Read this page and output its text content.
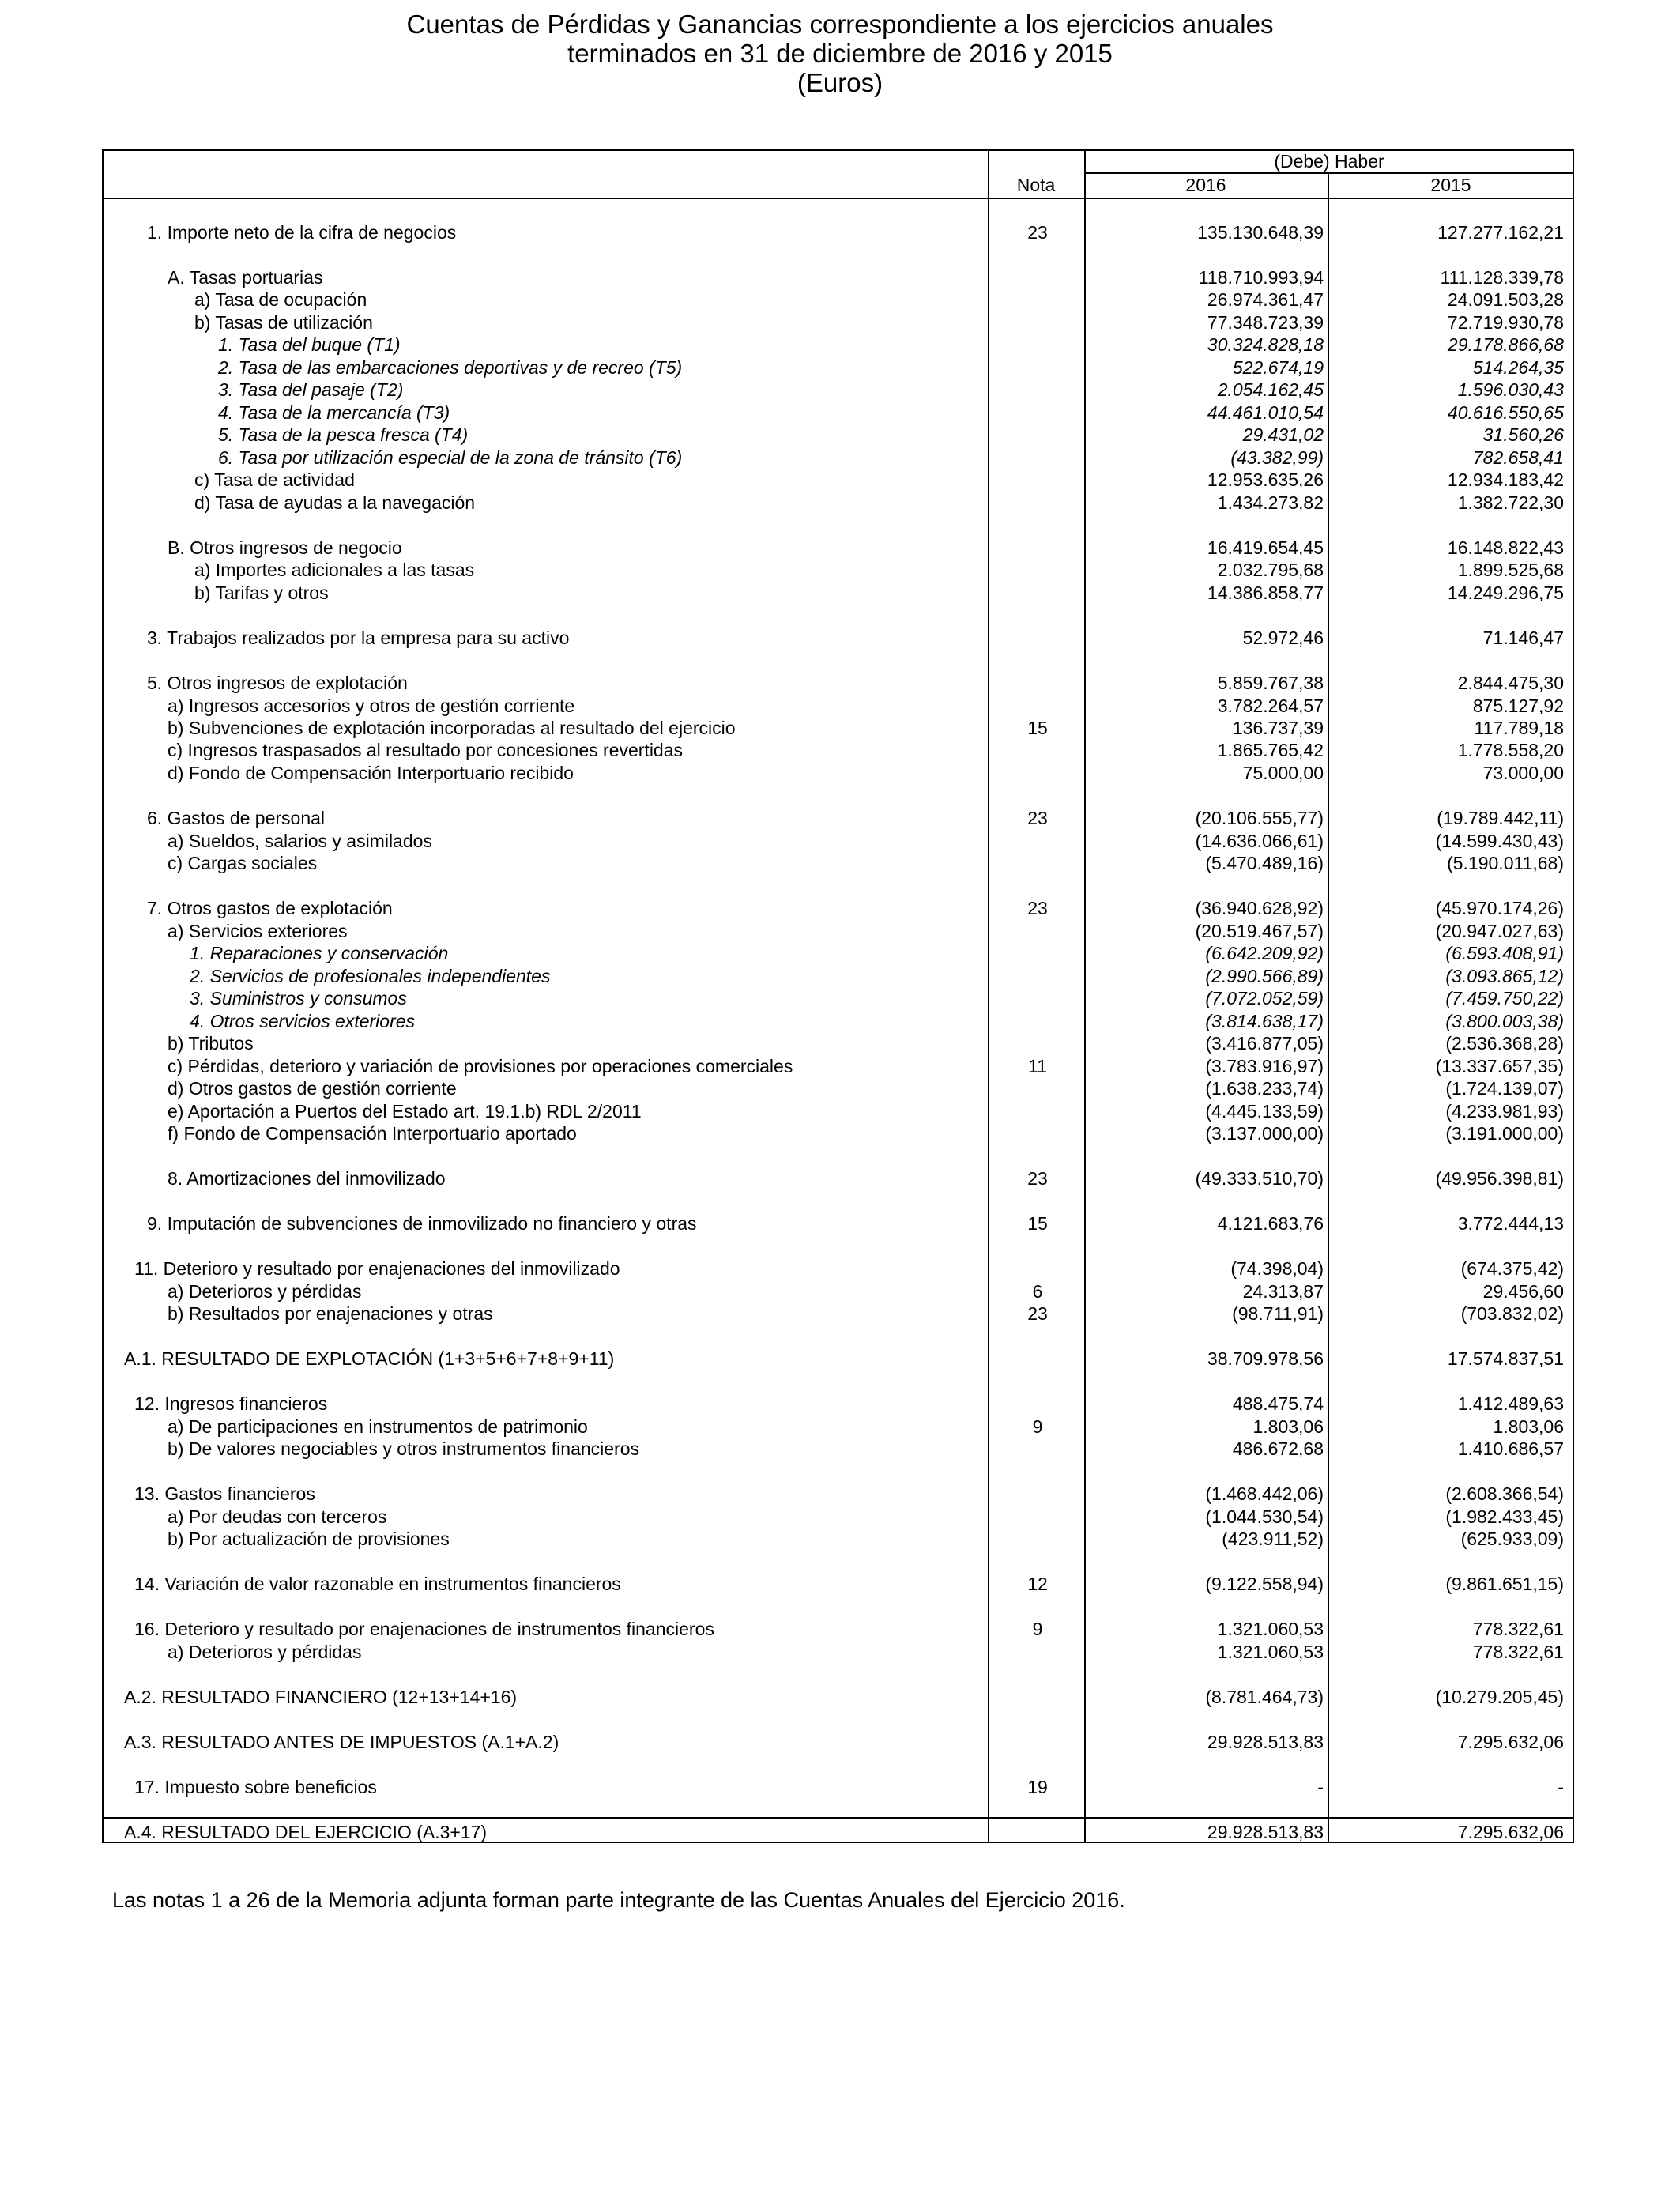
Cuentas de Pérdidas y Ganancias correspondiente a los ejercicios anuales
terminados en 31 de diciembre de 2016 y 2015
(Euros)
(Debe) Haber
Nota	2016	2015
1. Importe neto de la cifra de negocios	23	135.130.648,39	127.277.162,21
A. Tasas portuarias	118.710.993,94	111.128.339,78
a) Tasa de ocupación	26.974.361,47	24.091.503,28
b) Tasas de utilización	77.348.723,39	72.719.930,78
1. Tasa del buque (T1)	30.324.828,18	29.178.866,68
2. Tasa de las embarcaciones deportivas y de recreo (T5)	522.674,19	514.264,35
3. Tasa del pasaje (T2)	2.054.162,45	1.596.030,43
4. Tasa de la mercancía (T3)	44.461.010,54	40.616.550,65
5. Tasa de la pesca fresca (T4)	29.431,02	31.560,26
6. Tasa por utilización especial de la zona de tránsito (T6)	(43.382,99)	782.658,41
c) Tasa de actividad	12.953.635,26	12.934.183,42
d) Tasa de ayudas a la navegación	1.434.273,82	1.382.722,30
B. Otros ingresos de negocio	16.419.654,45	16.148.822,43
a) Importes adicionales a las tasas	2.032.795,68	1.899.525,68
b) Tarifas y otros	14.386.858,77	14.249.296,75
3. Trabajos realizados por la empresa para su activo	52.972,46	71.146,47
5. Otros ingresos de explotación	5.859.767,38	2.844.475,30
a) Ingresos accesorios y otros de gestión corriente	3.782.264,57	875.127,92
b) Subvenciones de explotación incorporadas al resultado del ejercicio	15	136.737,39	117.789,18
c) Ingresos traspasados al resultado por concesiones revertidas	1.865.765,42	1.778.558,20
d) Fondo de Compensación Interportuario recibido	75.000,00	73.000,00
6. Gastos de personal	23	(20.106.555,77)	(19.789.442,11)
a) Sueldos, salarios y asimilados	(14.636.066,61)	(14.599.430,43)
c) Cargas sociales	(5.470.489,16)	(5.190.011,68)
7. Otros gastos de explotación	23	(36.940.628,92)	(45.970.174,26)
a) Servicios exteriores	(20.519.467,57)	(20.947.027,63)
1. Reparaciones y conservación	(6.642.209,92)	(6.593.408,91)
2. Servicios de profesionales independientes	(2.990.566,89)	(3.093.865,12)
3. Suministros y consumos	(7.072.052,59)	(7.459.750,22)
4. Otros servicios exteriores	(3.814.638,17)	(3.800.003,38)
b) Tributos	(3.416.877,05)	(2.536.368,28)
c) Pérdidas, deterioro y variación de provisiones por operaciones comerciales	11	(3.783.916,97)	(13.337.657,35)
d) Otros gastos de gestión corriente	(1.638.233,74)	(1.724.139,07)
e) Aportación a Puertos del Estado art. 19.1.b) RDL 2/2011	(4.445.133,59)	(4.233.981,93)
f) Fondo de Compensación Interportuario aportado	(3.137.000,00)	(3.191.000,00)
8. Amortizaciones del inmovilizado	23	(49.333.510,70)	(49.956.398,81)
9. Imputación de subvenciones de inmovilizado no financiero y otras	15	4.121.683,76	3.772.444,13
11. Deterioro y resultado por enajenaciones del inmovilizado	(74.398,04)	(674.375,42)
a) Deterioros y pérdidas	6	24.313,87	29.456,60
b) Resultados por enajenaciones y otras	23	(98.711,91)	(703.832,02)
A.1. RESULTADO DE EXPLOTACIÓN (1+3+5+6+7+8+9+11)	38.709.978,56	17.574.837,51
12. Ingresos financieros	488.475,74	1.412.489,63
a) De participaciones en instrumentos de patrimonio	9	1.803,06	1.803,06
b) De valores negociables y otros instrumentos financieros	486.672,68	1.410.686,57
13. Gastos financieros	(1.468.442,06)	(2.608.366,54)
a) Por deudas con terceros	(1.044.530,54)	(1.982.433,45)
b) Por actualización de provisiones	(423.911,52)	(625.933,09)
14. Variación de valor razonable en instrumentos financieros	12	(9.122.558,94)	(9.861.651,15)
16. Deterioro y resultado por enajenaciones de instrumentos financieros	9	1.321.060,53	778.322,61
a) Deterioros y pérdidas	1.321.060,53	778.322,61
A.2. RESULTADO FINANCIERO (12+13+14+16)	(8.781.464,73)	(10.279.205,45)
A.3. RESULTADO ANTES DE IMPUESTOS (A.1+A.2)	29.928.513,83	7.295.632,06
17. Impuesto sobre beneficios	19	-	-
A.4. RESULTADO DEL EJERCICIO (A.3+17)	29.928.513,83	7.295.632,06
Las notas 1 a 26 de la Memoria adjunta forman parte integrante de las Cuentas Anuales del Ejercicio 2016.
